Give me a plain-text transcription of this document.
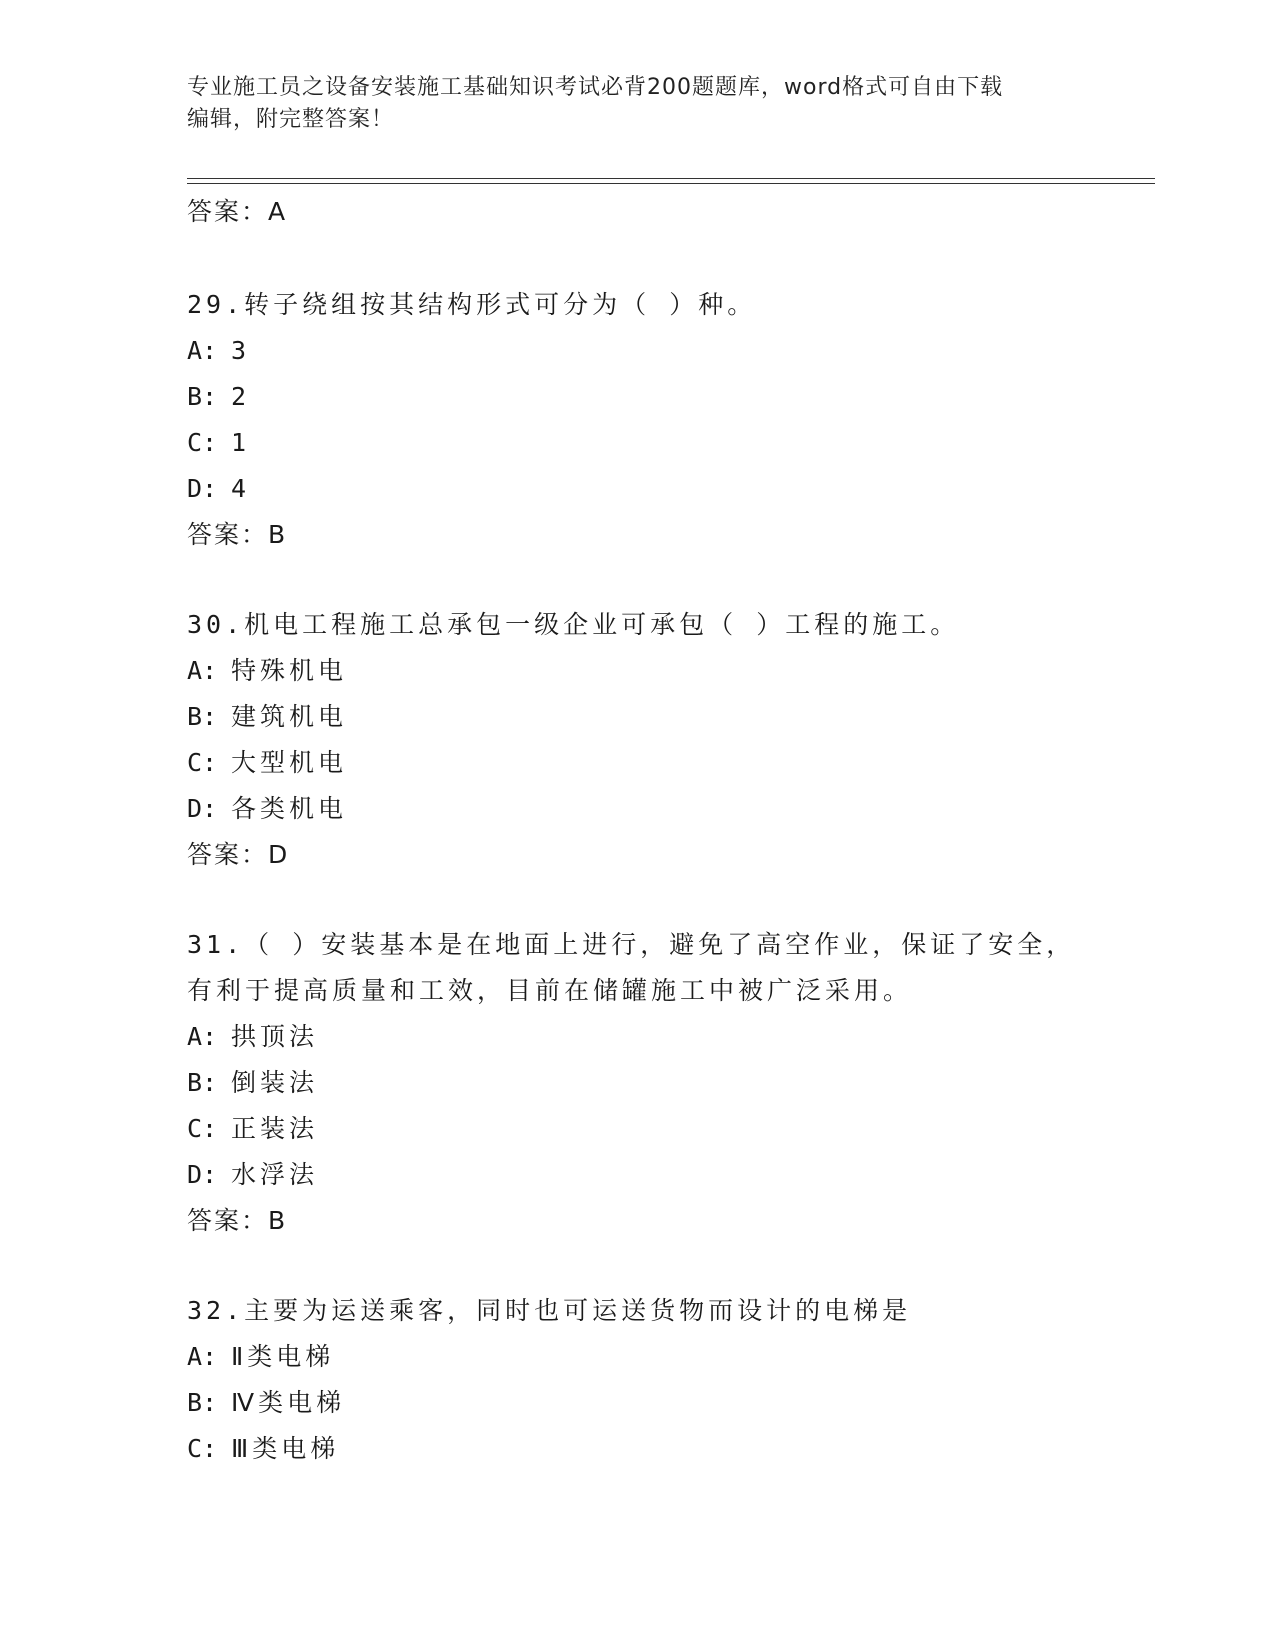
专业施工员之设备安装施工基础知识考试必背200题题库，word格式可自由下载
编辑，附完整答案！
答案：A
29.转子绕组按其结构形式可分为（ ）种。
A: 3
B: 2
C: 1
D: 4
答案：B
30.机电工程施工总承包一级企业可承包（ ）工程的施工。
A: 特殊机电
B: 建筑机电
C: 大型机电
D: 各类机电
答案：D
31.（ ）安装基本是在地面上进行，避免了高空作业，保证了安全，
有利于提高质量和工效，目前在储罐施工中被广泛采用。
A: 拱顶法
B: 倒装法
C: 正装法
D: 水浮法
答案：B
32.主要为运送乘客，同时也可运送货物而设计的电梯是
A: Ⅱ类电梯
B: Ⅳ类电梯
C: Ⅲ类电梯
